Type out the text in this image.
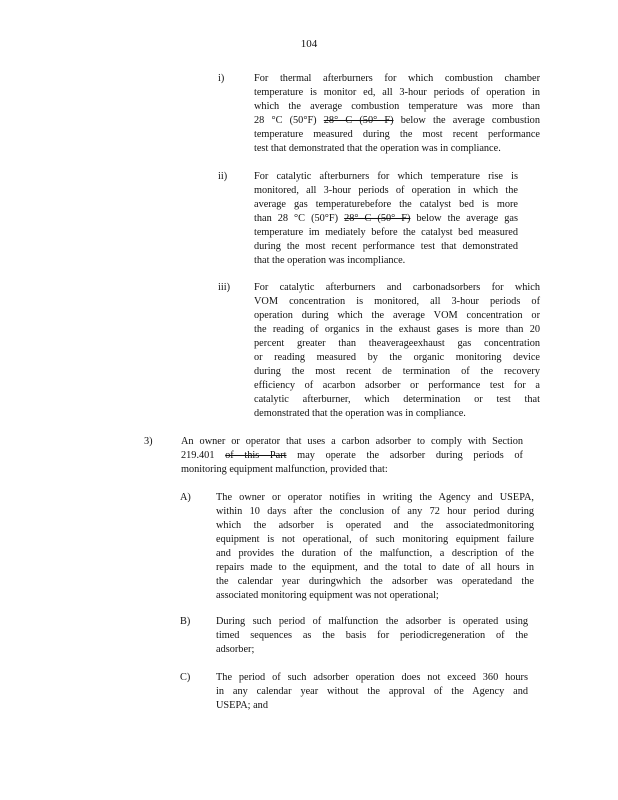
104
i)	For thermal afterburners for which combustion chamber
temperature is monitor ed, all 3-hour periods of operation in
which the average combustion temperature was more than
28 °C (50°F) 28° C (50° F) below the average combustion
temperature measured during the most recent performance
test that demonstrated that the operation was in compliance.
ii)	For catalytic afterburners for which temperature rise is
monitored, all 3-hour periods of operation in which the
average gas temperaturebefore the catalyst bed is more
than 28 °C (50°F) 28° C (50° F) below the average gas
temperature im mediately before the catalyst bed measured
during the most recent performance test that demonstrated
that the operation was incompliance.
iii) For catalytic afterburners and carbonadsorbers for which
VOM concentration is monitored, all 3-hour periods of
operation during which the average VOM concentration or
the reading of organics in the exhaust gases is more than 20
percent greater than theaverageexhaust gas concentration
or reading measured by the organic monitoring device
during the most recent de termination of the recovery
efficiency of acarbon adsorber or performance test for a
catalytic afterburner, which determination or test that
demonstrated that the operation was in compliance.
3)	An owner or operator that uses a carbon adsorber to comply with Section
219.401 of this Part may operate the adsorber during periods of
monitoring equipment malfunction, provided that:
A) The owner or operator notifies in writing the Agency and USEPA,
within 10 days after the conclusion of any 72 hour period during
which the adsorber is operated and the associatedmonitoring
equipment is not operational, of such monitoring equipment failure
and provides the duration of the malfunction, a description of the
repairs made to the equipment, and the total to date of all hours in
the calendar year duringwhich the adsorber was operatedand the
associated monitoring equipment was not operational;
B) During such period of malfunction the adsorber is operated using
timed sequences as the basis for periodicregeneration of the
adsorber;
C) The period of such adsorber operation does not exceed 360 hours
in any calendar year without the approval of the Agency and
USEPA; and
